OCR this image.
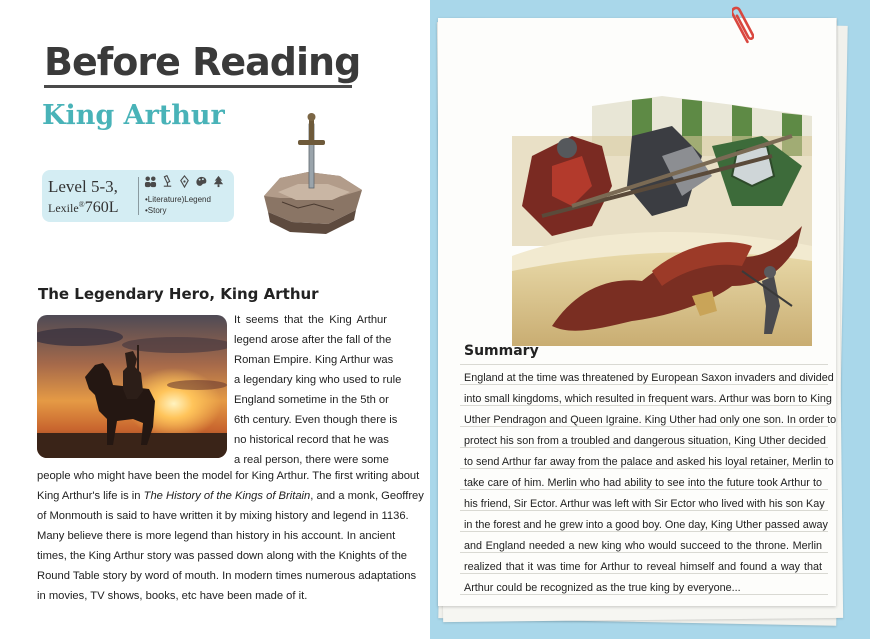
Before Reading
King Arthur
Level 5-3,
Lexile®760L	•Literature)Legend
•Story
The Legendary Hero, King Arthur
It seems that the King Arthur
legend arose after the fall of the
Roman Empire. King Arthur was
a legendary king who used to rule
England sometime in the 5th or
6th century. Even though there is
no historical record that he was
a real person, there were some
people who might have been the model for King Arthur. The first writing about
King Arthur's life is in The History of the Kings of Britain, and a monk, Geoffrey
of Monmouth is said to have written it by mixing history and legend in 1136.
Many believe there is more legend than history in his account. In ancient
times, the King Arthur story was passed down along with the Knights of the
Round Table story by word of mouth. In modern times numerous adaptations
in movies, TV shows, books, etc have been made of it.
Summary
England at the time was threatened by European Saxon invaders and divided
into small kingdoms, which resulted in frequent wars. Arthur was born to King
Uther Pendragon and Queen Igraine. King Uther had only one son. In order to
protect his son from a troubled and dangerous situation, King Uther decided
to send Arthur far away from the palace and asked his loyal retainer, Merlin to
take care of him. Merlin who had ability to see into the future took Arthur to
his friend, Sir Ector. Arthur was left with Sir Ector who lived with his son Kay
in the forest and he grew into a good boy. One day, King Uther passed away
and England needed a new king who would succeed to the throne. Merlin
realized that it was time for Arthur to reveal himself and found a way that
Arthur could be recognized as the true king by everyone...
